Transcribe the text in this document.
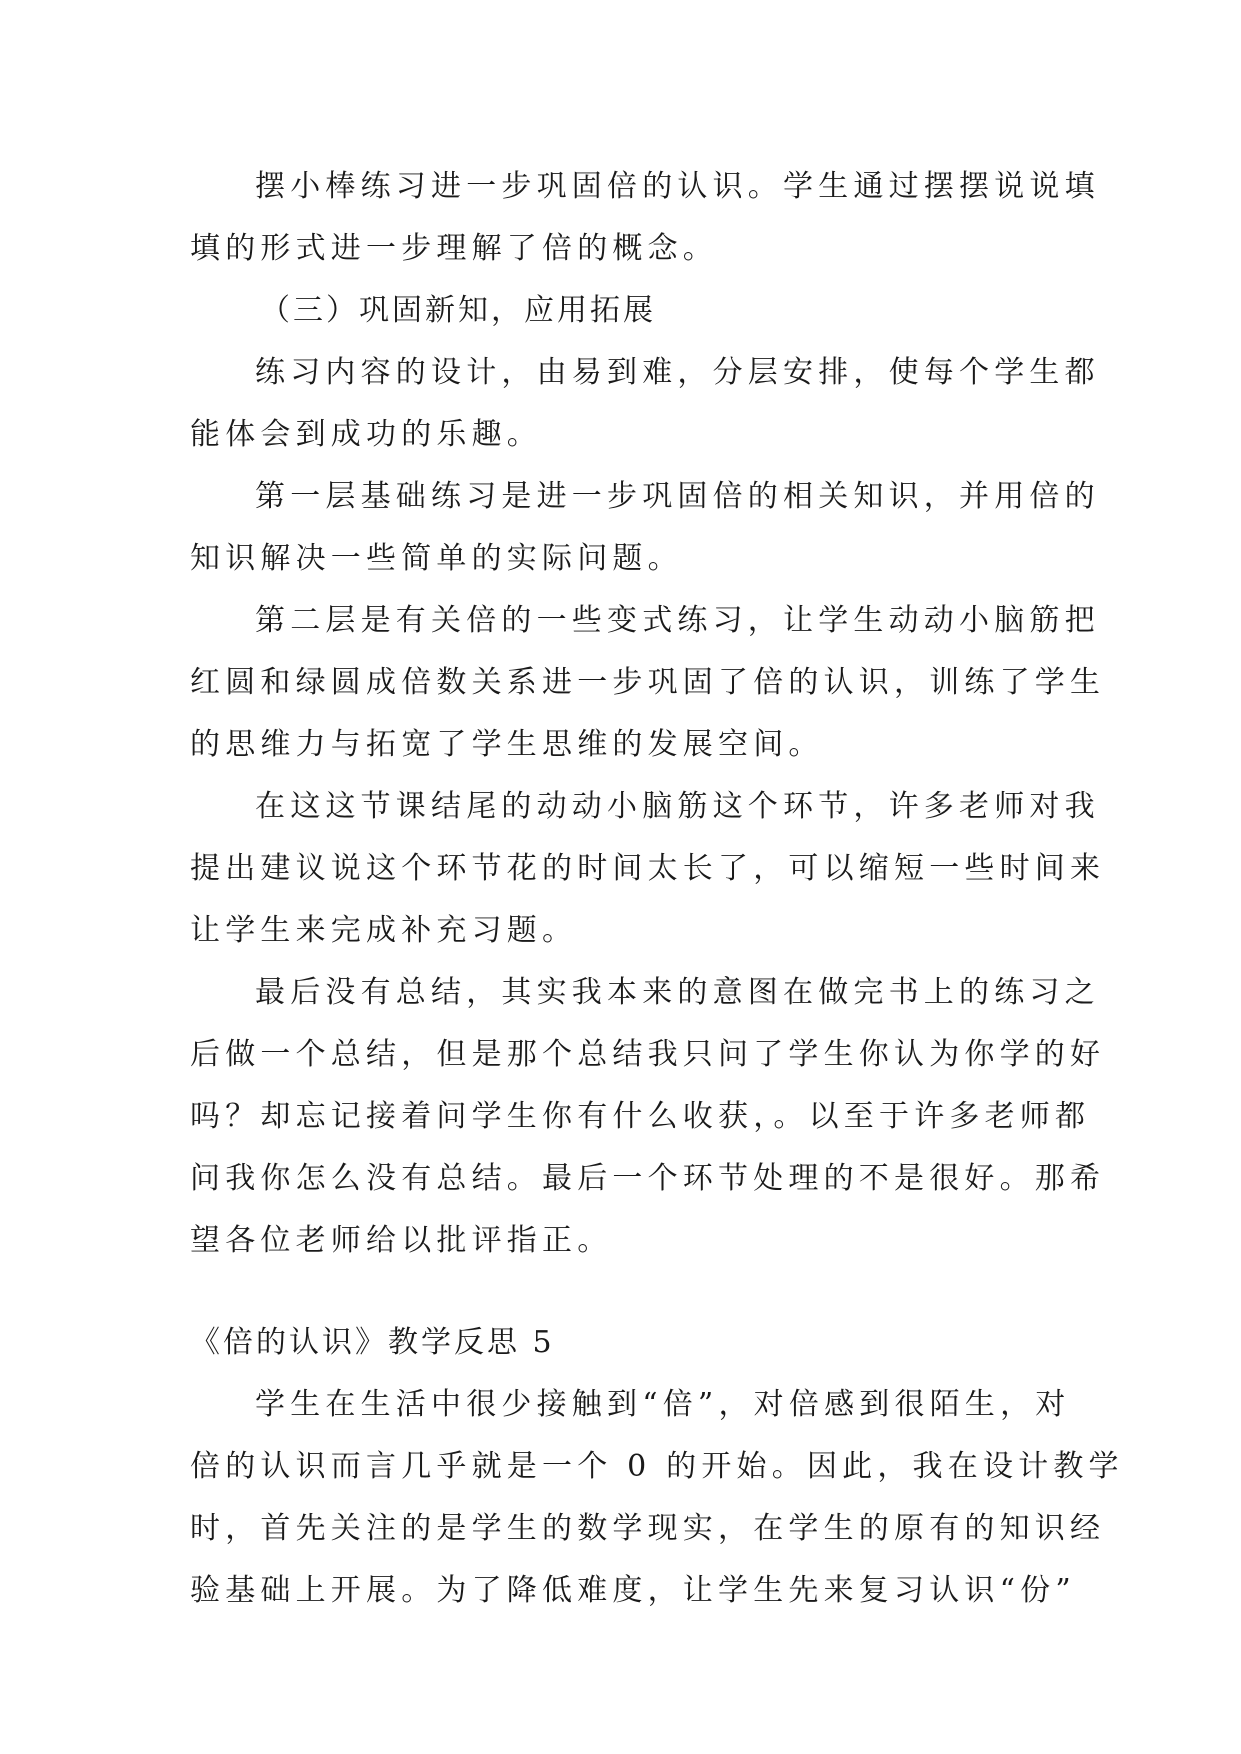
摆小棒练习进一步巩固倍的认识。学生通过摆摆说说填
填的形式进一步理解了倍的概念。
（三）巩固新知，应用拓展
练习内容的设计，由易到难，分层安排，使每个学生都
能体会到成功的乐趣。
第一层基础练习是进一步巩固倍的相关知识，并用倍的
知识解决一些简单的实际问题。
第二层是有关倍的一些变式练习，让学生动动小脑筋把
红圆和绿圆成倍数关系进一步巩固了倍的认识，训练了学生
的思维力与拓宽了学生思维的发展空间。
在这这节课结尾的动动小脑筋这个环节，许多老师对我
提出建议说这个环节花的时间太长了，可以缩短一些时间来
让学生来完成补充习题。
最后没有总结，其实我本来的意图在做完书上的练习之
后做一个总结，但是那个总结我只问了学生你认为你学的好
吗？却忘记接着问学生你有什么收获，。以至于许多老师都
问我你怎么没有总结。最后一个环节处理的不是很好。那希
望各位老师给以批评指正。
《倍的认识》教学反思 5
学生在生活中很少接触到“倍”，对倍感到很陌生，对
倍的认识而言几乎就是一个 0 的开始。因此，我在设计教学
时，首先关注的是学生的数学现实，在学生的原有的知识经
验基础上开展。为了降低难度，让学生先来复习认识“份”
